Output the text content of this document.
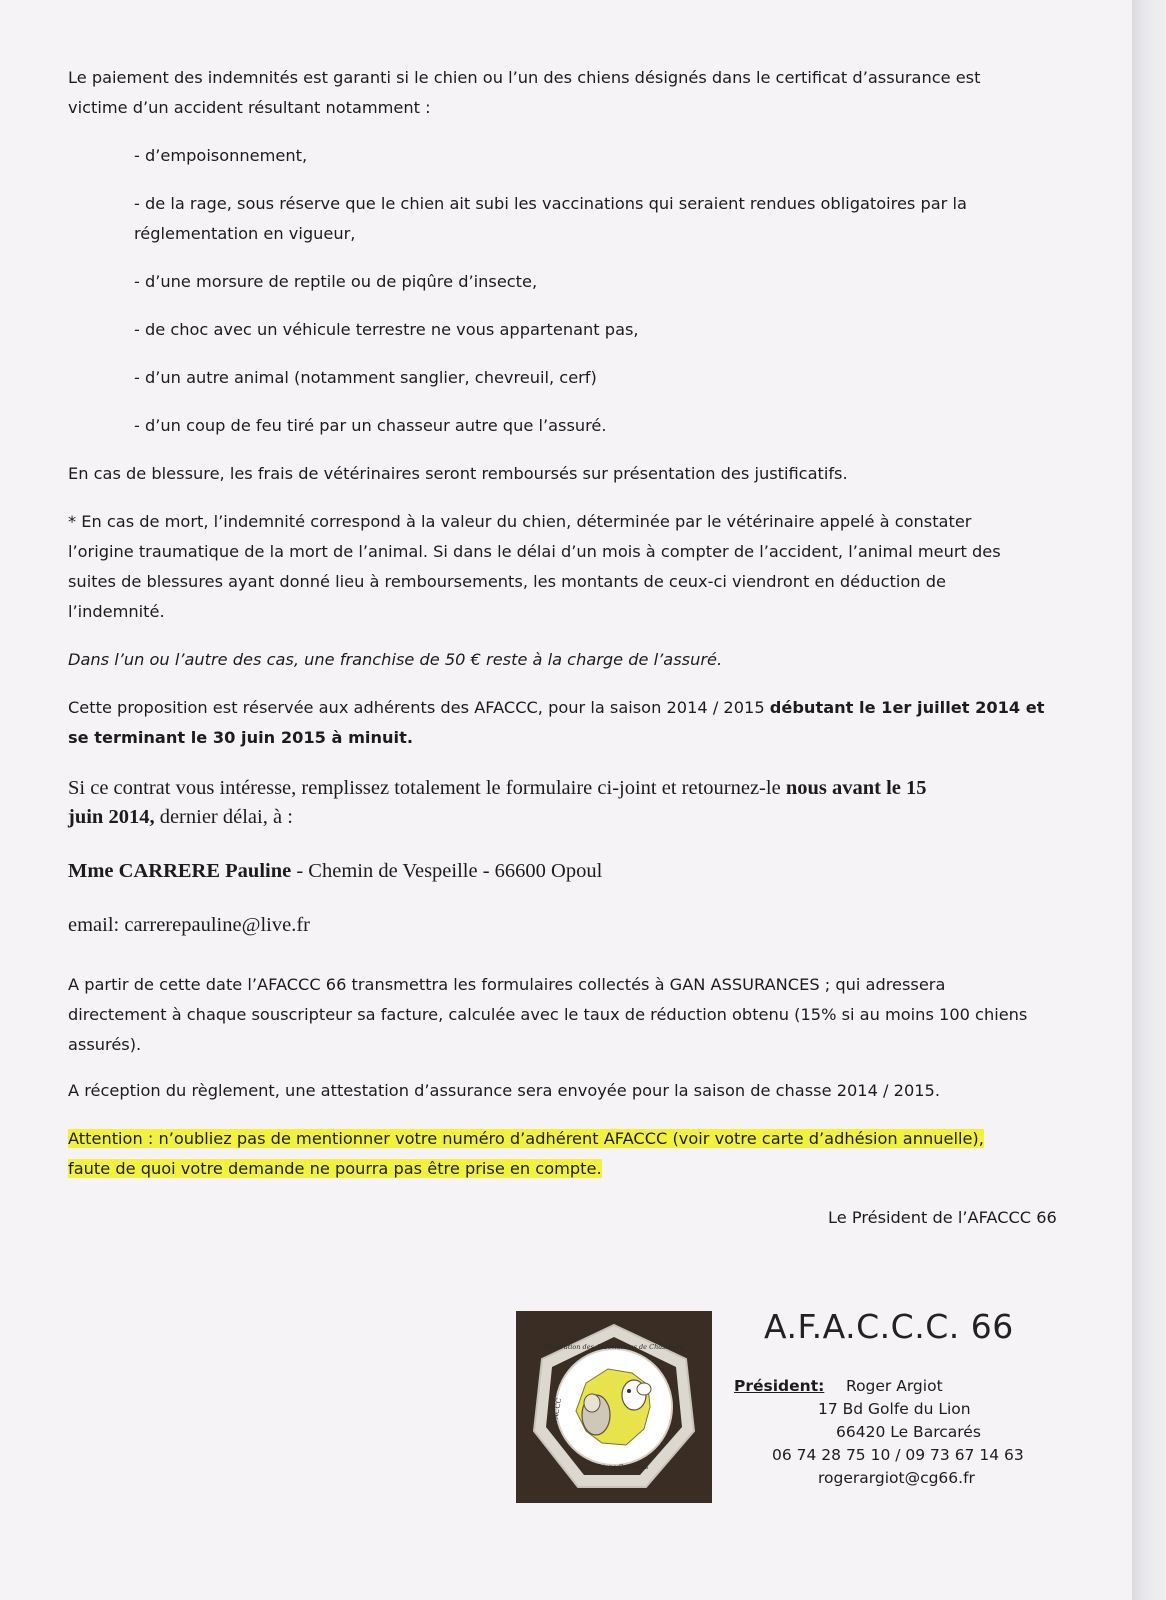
Le paiement des indemnités est garanti si le chien ou l’un des chiens désignés dans le certificat d’assurance est

victime d’un accident résultant notamment :

- d’empoisonnement,

- de la rage, sous réserve que le chien ait subi les vaccinations qui seraient rendues obligatoires par la

réglementation en vigueur,

- d’une morsure de reptile ou de piqûre d’insecte,

- de choc avec un véhicule terrestre ne vous appartenant pas,

- d’un autre animal (notamment sanglier, chevreuil, cerf)

- d’un coup de feu tiré par un chasseur autre que l’assuré.

En cas de blessure, les frais de vétérinaires seront remboursés sur présentation des justificatifs.

* En cas de mort, l’indemnité correspond à la valeur du chien, déterminée par le vétérinaire appelé à constater

l’origine traumatique de la mort de l’animal. Si dans le délai d’un mois à compter de l’accident, l’animal meurt des

suites de blessures ayant donné lieu à remboursements, les montants de ceux-ci viendront en déduction de

l’indemnité.

Dans l’un ou l’autre des cas, une franchise de 50 € reste à la charge de l’assuré.

Cette proposition est réservée aux adhérents des AFACCC, pour la saison 2014 / 2015 débutant le 1er juillet 2014 et

se terminant le 30 juin 2015 à minuit.

Si ce contrat vous intéresse, remplissez totalement le formulaire ci-joint et retournez-le nous avant le 15

juin 2014, dernier délai, à :

Mme CARRERE Pauline - Chemin de Vespeille - 66600 Opoul

email: carrerepauline@live.fr

A partir de cette date l’AFACCC 66 transmettra les formulaires collectés à GAN ASSURANCES ; qui adressera

directement à chaque souscripteur sa facture, calculée avec le taux de réduction obtenu (15% si au moins 100 chiens

assurés).

A réception du règlement, une attestation d’assurance sera envoyée pour la saison de chasse 2014 / 2015.

Attention : n’oubliez pas de mentionner votre numéro d’adhérent AFACCC (voir votre carte d’adhésion annuelle),

faute de quoi votre demande ne pourra pas être prise en compte.

Le Président de l’AFACCC 66

Fédération des Associations de Chasseurs
aux Chiens Courants
FACCC
A.F.A.C.C.C. 66
Président: Roger Argiot
17 Bd Golfe du Lion
66420 Le Barcarés
06 74 28 75 10 / 09 73 67 14 63
rogerargiot@cg66.fr
